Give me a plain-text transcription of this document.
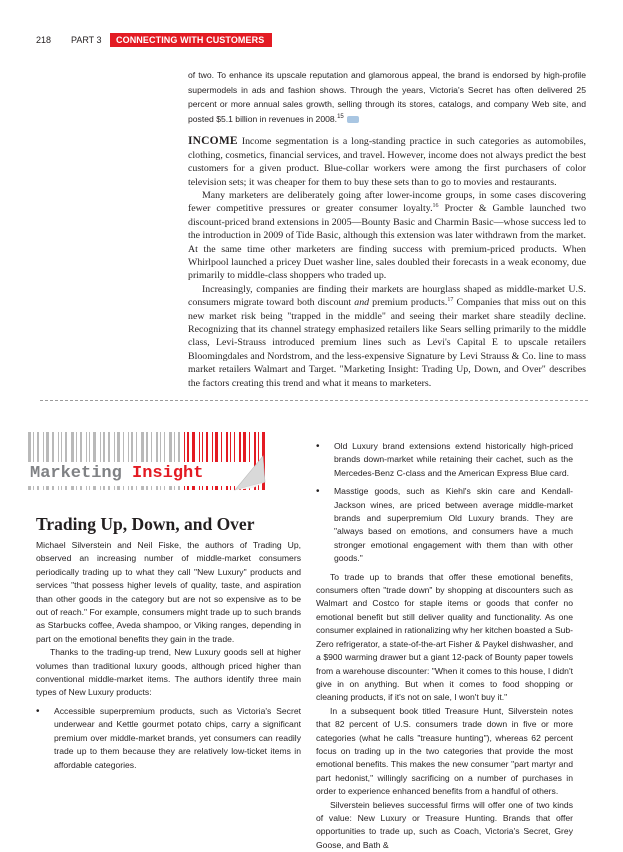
218 PART 3	CONNECTING WITH CUSTOMERS

of two. To enhance its upscale reputation and glamorous appeal, the brand is endorsed by high-profile supermodels in ads and fashion shows. Through the years, Victoria's Secret has often delivered 25 percent or more annual sales growth, selling through its stores, catalogs, and company Web site, and posted $5.1 billion in revenues in 2008.15

INCOME Income segmentation is a long-standing practice in such categories as automobiles, clothing, cosmetics, financial services, and travel. However, income does not always predict the best customers for a given product. Blue-collar workers were among the first purchasers of color television sets; it was cheaper for them to buy these sets than to go to movies and restaurants.

Many marketers are deliberately going after lower-income groups, in some cases discovering fewer competitive pressures or greater consumer loyalty.$^{16}$ Procter & Gamble launched two discount-priced brand extensions in 2005—Bounty Basic and Charmin Basic—whose success led to the introduction in 2009 of Tide Basic, although this extension was later withdrawn from the market. At the same time other marketers are finding success with premium-priced products. When Whirlpool launched a pricey Duet washer line, sales doubled their forecasts in a weak economy, due primarily to middle-class shoppers who traded up.

Increasingly, companies are finding their markets are hourglass shaped as middle-market U.S. consumers migrate toward both discount and premium products.$^{17}$ Companies that miss out on this new market risk being "trapped in the middle" and seeing their market share steadily decline. Recognizing that its channel strategy emphasized retailers like Sears selling primarily to the middle class, Levi-Strauss introduced premium lines such as Levi's Capital E to upscale retailers Bloomingdales and Nordstrom, and the less-expensive Signature by Levi Strauss & Co. line to mass market retailers Walmart and Target. "Marketing Insight: Trading Up, Down, and Over" describes the factors creating this trend and what it means to marketers.

Marketing Insight
Trading Up, Down, and Over

Michael Silverstein and Neil Fiske, the authors of Trading Up, observed an increasing number of middle-market consumers periodically trading up to what they call "New Luxury" products and services "that possess higher levels of quality, taste, and aspiration than other goods in the category but are not so expensive as to be out of reach." For example, consumers might trade up to such brands as Starbucks coffee, Aveda shampoo, or Viking ranges, depending in part on the emotional benefits they gain in the trade.

Thanks to the trading-up trend, New Luxury goods sell at higher volumes than traditional luxury goods, although priced higher than conventional middle-market items. The authors identify three main types of New Luxury products:

• Accessible superpremium products, such as Victoria's Secret underwear and Kettle gourmet potato chips, carry a significant premium over middle-market brands, yet consumers can readily trade up to them because they are relatively low-ticket items in affordable categories.

• Old Luxury brand extensions extend historically high-priced brands down-market while retaining their cachet, such as the Mercedes-Benz C-class and the American Express Blue card.

• Masstige goods, such as Kiehl's skin care and Kendall-Jackson wines, are priced between average middle-market brands and superpremium Old Luxury brands. They are "always based on emotions, and consumers have a much stronger emotional engagement with them than with other goods."

To trade up to brands that offer these emotional benefits, consumers often "trade down" by shopping at discounters such as Walmart and Costco for staple items or goods that confer no emotional benefit but still deliver quality and functionality. As one consumer explained in rationalizing why her kitchen boasted a Sub-Zero refrigerator, a state-of-the-art Fisher & Paykel dishwasher, and a $900 warming drawer but a giant 12-pack of Bounty paper towels from a warehouse discounter: "When it comes to this house, I didn't give in on anything. But when it comes to food shopping or cleaning products, if it's not on sale, I won't buy it."

In a subsequent book titled Treasure Hunt, Silverstein notes that 82 percent of U.S. consumers trade down in five or more categories (what he calls "treasure hunting"), whereas 62 percent focus on trading up in the two categories that provide the most emotional benefits. This makes the new consumer "part martyr and part hedonist," willingly sacrificing on a number of purchases in order to experience enhanced benefits from a handful of others.

Silverstein believes successful firms will offer one of two kinds of value: New Luxury or Treasure Hunting. Brands that offer opportunities to trade up, such as Coach, Victoria's Secret, Grey Goose, and Bath &
